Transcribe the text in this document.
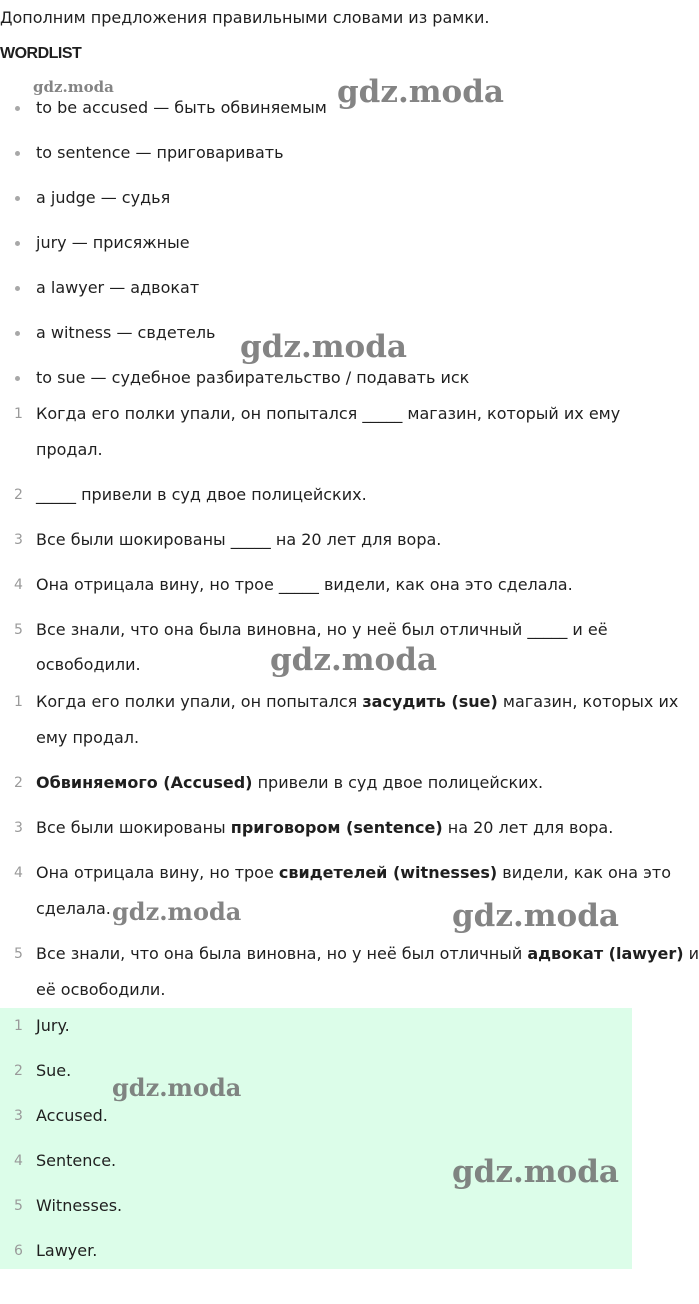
Дополним предложения правильными словами из рамки.
WORDLIST
to be accused — быть обвиняемым
to sentence — приговаривать
a judge — судья
jury — присяжные
a lawyer — адвокат
a witness — свдетель
to sue — судебное разбирательство / подавать иск
1 Когда его полки упали, он попытался _____ магазин, который их ему
продал.
2 _____ привели в суд двое полицейских.
3 Все были шокированы _____ на 20 лет для вора.
4 Она отрицала вину, но трое _____ видели, как она это сделала.
5 Все знали, что она была виновна, но у неё был отличный _____ и её
освободили.
1 Когда его полки упали, он попытался засудить (sue) магазин, которых их
ему продал.
2 Обвиняемого (Accused) привели в суд двое полицейских.
3 Все были шокированы приговором (sentence) на 20 лет для вора.
4 Она отрицала вину, но трое свидетелей (witnesses) видели, как она это
сделала.
5 Все знали, что она была виновна, но у неё был отличный адвокат (lawyer) и
её освободили.
1 Jury.
2 Sue.
3 Accused.
4 Sentence.
5 Witnesses.
6 Lawyer.
gdz.moda	gdz.moda
gdz.moda
gdz.moda
gdz.moda	gdz.moda
gdz.moda
gdz.moda
